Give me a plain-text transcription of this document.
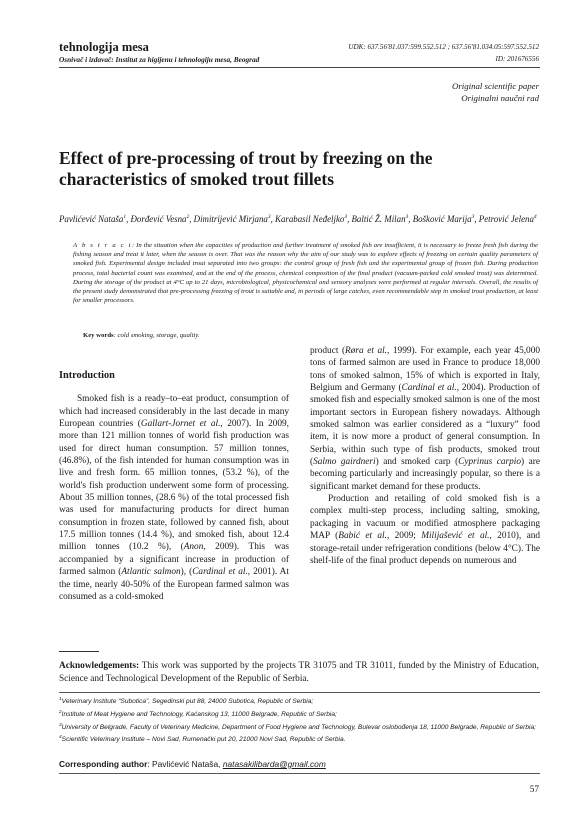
tehnologija mesa
Osnivač i izdavač: Institut za higijenu i tehnologiju mesa, Beograd
UDK: 637.56'81.037:599.552.512 ; 637.56'81.034.05:597.552.512
ID: 201676556
Original scientific paper
Originalni naučni rad
Effect of pre-processing of trout by freezing on the characteristics of smoked trout fillets
Pavlićević Nataša$^1$, Đorđević Vesna$^2$, Dimitrijević Mirjana$^3$, Karabasil Neđeljko$^3$, Baltić Ž. Milan$^3$, Bošković Marija$^3$, Petrović Jelena$^4$
A b s t r a c t: In the situation when the capacities of production and further treatment of smoked fish are insufficient, it is necessary to freeze fresh fish during the fishing season and treat it later, when the season is over. That was the reason why the aim of our study was to explore effects of freezing on certain quality parameters of smoked fish. Experimental design included trout separated into two groups: the control group of fresh fish and the experimental group of frozen fish. During production process, total bacterial count was examined, and at the end of the process, chemical composition of the final product (vacuum-packed cold smoked trout) was determined. During the storage of the product at 4°C up to 21 days, microbiological, physicochemical and sensory analyses were performed at regular intervals. Overall, the results of the present study demonstrated that pre-processing freezing of trout is suitable and, in periods of large catches, even recommendable step in smoked trout production, at least for smaller processors.
Key words: cold smoking, storage, quality.
Introduction

Smoked fish is a ready–to–eat product, consumption of which had increased considerably in the last decade in many European countries (Gallart-Jornet et al., 2007). In 2009, more than 121 million tonnes of world fish production was used for direct human consumption. 57 million tonnes, (46.8%), of the fish intended for human consumption was in live and fresh form. 65 million tonnes, (53.2 %), of the world's fish production underwent some form of processing. About 35 million tonnes, (28.6 %) of the total processed fish was used for manufacturing products for direct human consumption in frozen state, followed by canned fish, about 17.5 million tonnes (14.4 %), and smoked fish, about 12.4 million tonnes (10.2 %), (Anon, 2009). This was accompanied by a significant increase in production of farmed salmon (Atlantic salmon), (Cardinal et al., 2001). At the time, nearly 40-50% of the European farmed salmon was consumed as a cold-smoked

product (Røra et al., 1999). For example, each year 45,000 tons of farmed salmon are used in France to produce 18,000 tons of smoked salmon, 15% of which is exported in Italy, Belgium and Germany (Cardinal et al., 2004). Production of smoked fish and especially smoked salmon is one of the most important sectors in European fishery nowadays. Although smoked salmon was earlier considered as a “luxury” food item, it is now more a product of general consumption. In Serbia, within such type of fish products, smoked trout (Salmo gairdneri) and smoked carp (Cyprinus carpio) are becoming particularly and increasingly popular, so there is a significant market demand for these products.

Production and retailing of cold smoked fish is a complex multi-step process, including salting, smoking, packaging in vacuum or modified atmosphere packaging MAP (Babić et al., 2009; Milijašević et al., 2010), and storage-retail under refrigeration conditions (below 4°C). The shelf-life of the final product depends on numerous and

Acknowledgements: This work was supported by the projects TR 31075 and TR 31011, funded by the Ministry of Education, Science and Technological Development of the Republic of Serbia.
$^1$Veterinary Institute “Subotica”, Segedinski put 88, 24000 Subotica, Republic of Serbia;
$^2$Institute of Meat Hygiene and Technology, Kaćanskog 13, 11000 Belgrade, Republic of Serbia;
$^3$University of Belgrade, Faculty of Veterinary Medicine, Department of Food Hygiene and Technology, Bulevar oslobođenja 18, 11000 Belgrade, Republic of Serbia;
$^4$Scientific Veterinary Institute – Novi Sad, Rumenački put 20, 21000 Novi Sad, Republic of Serbia.
Corresponding author: Pavlićević Nataša, natasakilibarda@gmail.com
57
